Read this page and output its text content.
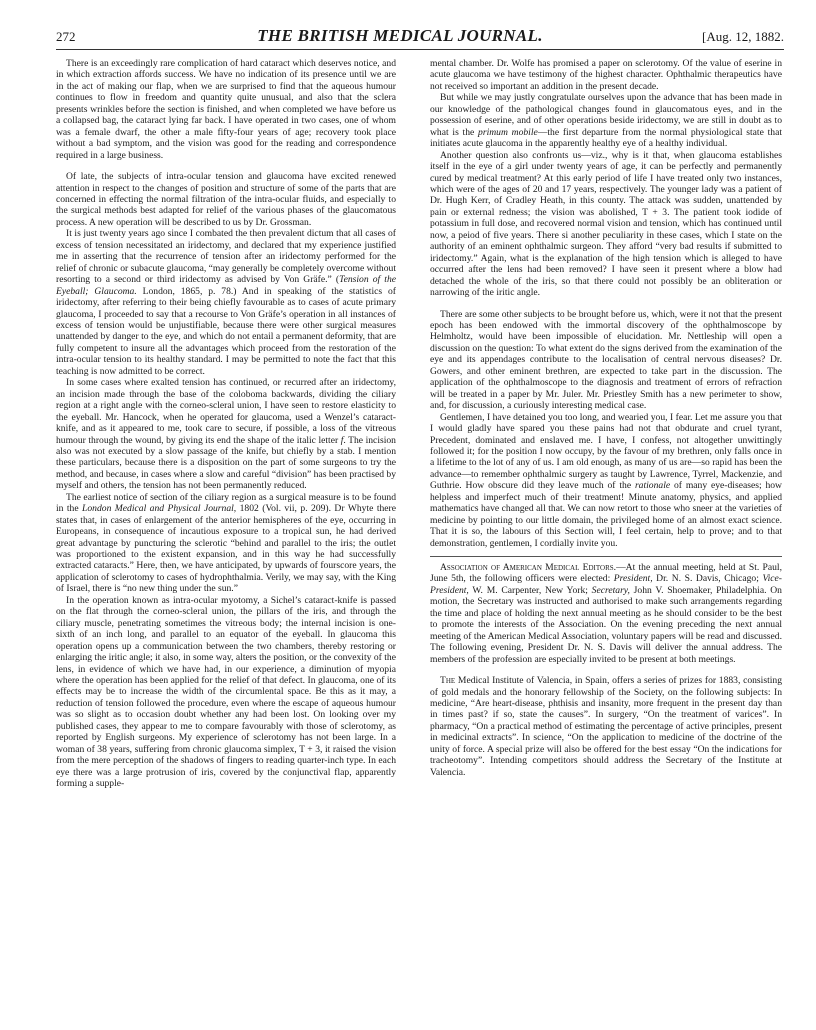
272	THE BRITISH MEDICAL JOURNAL.	[Aug. 12, 1882.

There is an exceedingly rare complication of hard cataract which deserves notice, and in which extraction affords success. We have no indication of its presence until we are in the act of making our flap, when we are surprised to find that the aqueous humour continues to flow in freedom and quantity quite unusual, and also that the sclera presents wrinkles before the section is finished, and when completed we have before us a collapsed bag, the cataract lying far back. I have operated in two cases, one of whom was a female dwarf, the other a male fifty-four years of age; recovery took place without a bad symptom, and the vision was good for the reading and correspondence required in a large business.

Of late, the subjects of intra-ocular tension and glaucoma have excited renewed attention in respect to the changes of position and structure of some of the parts that are concerned in effecting the normal filtration of the intra-ocular fluids, and especially to the surgical methods best adapted for relief of the various phases of the glaucomatous process. A new operation will be described to us by Dr. Grossman.

It is just twenty years ago since I combated the then prevalent dictum that all cases of excess of tension necessitated an iridectomy, and declared that my experience justified me in asserting that the recurrence of tension after an iridectomy performed for the relief of chronic or subacute glaucoma, “may generally be completely overcome without resorting to a second or third iridectomy as advised by Von Gräfe.” (Tension of the Eyeball; Glaucoma. London, 1865, p. 78.) And in speaking of the statistics of iridectomy, after referring to their being chiefly favourable as to cases of acute primary glaucoma, I proceeded to say that a recourse to Von Gräfe’s operation in all instances of excess of tension would be unjustifiable, because there were other surgical measures unattended by danger to the eye, and which do not entail a permanent deformity, that are fully competent to insure all the advantages which proceed from the restoration of the intra-ocular tension to its healthy standard. I may be permitted to note the fact that this teaching is now admitted to be correct.

In some cases where exalted tension has continued, or recurred after an iridectomy, an incision made through the base of the coloboma backwards, dividing the ciliary region at a right angle with the corneo-scleral union, I have seen to restore elasticity to the eyeball. Mr. Hancock, when he operated for glaucoma, used a Wenzel’s cataract-knife, and as it appeared to me, took care to secure, if possible, a loss of the vitreous humour through the wound, by giving its end the shape of the italic letter f. The incision also was not executed by a slow passage of the knife, but chiefly by a stab. I mention these particulars, because there is a disposition on the part of some surgeons to try the method, and because, in cases where a slow and careful “division” has been practised by myself and others, the tension has not been permanently reduced.

The earliest notice of section of the ciliary region as a surgical measure is to be found in the London Medical and Physical Journal, 1802 (Vol. vii, p. 209). Dr Whyte there states that, in cases of enlargement of the anterior hemispheres of the eye, occurring in Europeans, in consequence of incautious exposure to a tropical sun, he had derived great advantage by puncturing the sclerotic “behind and parallel to the iris; the outlet was proportioned to the existent expansion, and in this way he had successfully extracted cataracts.” Here, then, we have anticipated, by upwards of fourscore years, the application of sclerotomy to cases of hydrophthalmia. Verily, we may say, with the King of Israel, there is “no new thing under the sun.”

In the operation known as intra-ocular myotomy, a Sichel’s cataract-knife is passed on the flat through the corneo-scleral union, the pillars of the iris, and through the ciliary muscle, penetrating sometimes the vitreous body; the internal incision is one-sixth of an inch long, and parallel to an equator of the eyeball. In glaucoma this operation opens up a communication between the two chambers, thereby restoring or enlarging the iritic angle; it also, in some way, alters the position, or the convexity of the lens, in evidence of which we have had, in our experience, a diminution of myopia where the operation has been applied for the relief of that defect. In glaucoma, one of its effects may be to increase the width of the circumlental space. Be this as it may, a reduction of tension followed the procedure, even where the escape of aqueous humour was so slight as to occasion doubt whether any had been lost. On looking over my published cases, they appear to me to compare favourably with those of sclerotomy, as reported by English surgeons. My experience of sclerotomy has not been large. In a woman of 38 years, suffering from chronic glaucoma simplex, T + 3, it raised the vision from the mere perception of the shadows of fingers to reading quarter-inch type. In each eye there was a large protrusion of iris, covered by the conjunctival flap, apparently forming a supple-

mental chamber. Dr. Wolfe has promised a paper on sclerotomy. Of the value of eserine in acute glaucoma we have testimony of the highest character. Ophthalmic therapeutics have not received so important an addition in the present decade.

But while we may justly congratulate ourselves upon the advance that has been made in our knowledge of the pathological changes found in glaucomatous eyes, and in the possession of eserine, and of other operations beside iridectomy, we are still in doubt as to what is the primum mobile—the first departure from the normal physiological state that initiates acute glaucoma in the apparently healthy eye of a healthy individual.

Another question also confronts us—viz., why is it that, when glaucoma establishes itself in the eye of a girl under twenty years of age, it can be perfectly and permanently cured by medical treatment? At this early period of life I have treated only two instances, which were of the ages of 20 and 17 years, respectively. The younger lady was a patient of Dr. Hugh Kerr, of Cradley Heath, in this county. The attack was sudden, unattended by pain or external redness; the vision was abolished, T + 3. The patient took iodide of potassium in full dose, and recovered normal vision and tension, which has continued until now, a peiod of five years. There si another peculiarity in these cases, which I state on the authority of an eminent ophthalmic surgeon. They afford “very bad results if submitted to iridectomy.” Again, what is the explanation of the high tension which is alleged to have occurred after the lens had been removed? I have seen it present where a blow had detached the whole of the iris, so that there could not possibly be an obliteration or narrowing of the iritic angle.

There are some other subjects to be brought before us, which, were it not that the present epoch has been endowed with the immortal discovery of the ophthalmoscope by Helmholtz, would have been impossible of elucidation. Mr. Nettleship will open a discussion on the question: To what extent do the signs derived from the examination of the eye and its appendages contribute to the localisation of central nervous diseases? Dr. Gowers, and other eminent brethren, are expected to take part in the discussion. The application of the ophthalmoscope to the diagnosis and treatment of errors of refraction will be treated in a paper by Mr. Juler. Mr. Priestley Smith has a new perimeter to show, and, for discussion, a curiously interesting medical case.

Gentlemen, I have detained you too long, and wearied you, I fear. Let me assure you that I would gladly have spared you these pains had not that obdurate and cruel tyrant, Precedent, dominated and enslaved me. I have, I confess, not altogether unwittingly followed it; for the position I now occupy, by the favour of my brethren, only falls once in a lifetime to the lot of any of us. I am old enough, as many of us are—so rapid has been the advance—to remember ophthalmic surgery as taught by Lawrence, Tyrrel, Mackenzie, and Guthrie. How obscure did they leave much of the rationale of many eye-diseases; how helpless and imperfect much of their treatment! Minute anatomy, physics, and applied mathematics have changed all that. We can now retort to those who sneer at the varieties of medicine by pointing to our little domain, the privileged home of an almost exact science. That it is so, the labours of this Section will, I feel certain, help to prove; and to that demonstration, gentlemen, I cordially invite you.

Association of American Medical Editors.—At the annual meeting, held at St. Paul, June 5th, the following officers were elected: President, Dr. N. S. Davis, Chicago; Vice-President, W. M. Carpenter, New York; Secretary, John V. Shoemaker, Philadelphia. On motion, the Secretary was instructed and authorised to make such arrangements regarding the time and place of holding the next annual meeting as he should consider to be the best to promote the interests of the Association. On the evening preceding the next annual meeting of the American Medical Association, voluntary papers will be read and discussed. The following evening, President Dr. N. S. Davis will deliver the annual address. The members of the profession are especially invited to be present at both meetings.

The Medical Institute of Valencia, in Spain, offers a series of prizes for 1883, consisting of gold medals and the honorary fellowship of the Society, on the following subjects: In medicine, “Are heart-disease, phthisis and insanity, more frequent in the present day than in times past? if so, state the causes”. In surgery, “On the treatment of varices”. In pharmacy, “On a practical method of estimating the percentage of active principles, present in medicinal extracts”. In science, “On the application to medicine of the doctrine of the unity of force. A special prize will also be offered for the best essay “On the indications for tracheotomy”. Intending competitors should address the Secretary of the Institute at Valencia.
